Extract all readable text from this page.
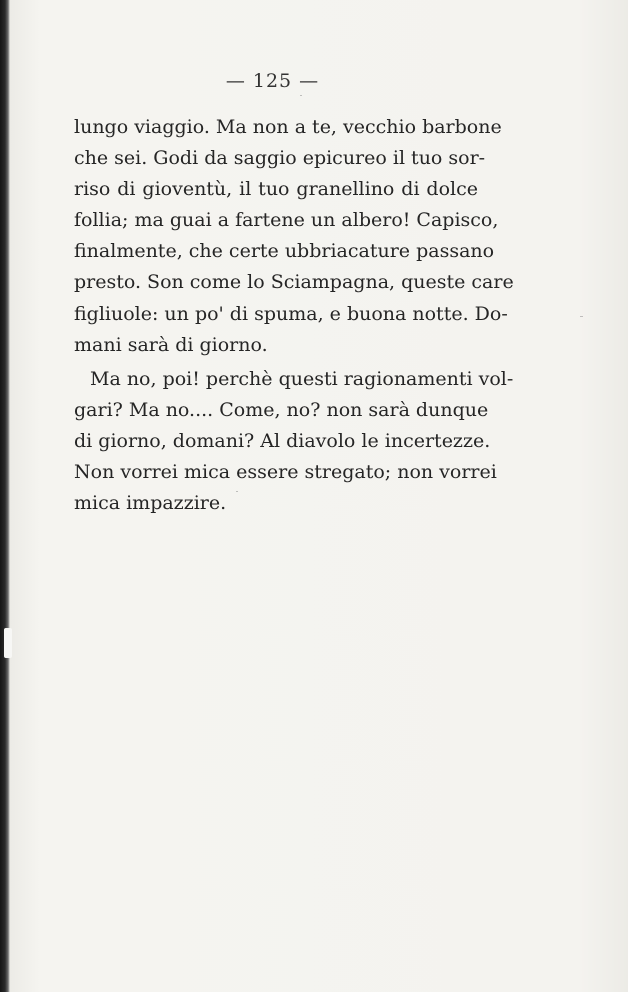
— 125 —
lungo viaggio. Ma non a te, vecchio barbone
che sei. Godi da saggio epicureo il tuo sor-
riso di gioventù, il tuo granellino di dolce
follia; ma guai a fartene un albero! Capisco,
finalmente, che certe ubbriacature passano
presto. Son come lo Sciampagna, queste care
figliuole: un po' di spuma, e buona notte. Do-
mani sarà di giorno.
Ma no, poi! perchè questi ragionamenti vol-
gari? Ma no.... Come, no? non sarà dunque
di giorno, domani? Al diavolo le incertezze.
Non vorrei mica essere stregato; non vorrei
mica impazzire.
